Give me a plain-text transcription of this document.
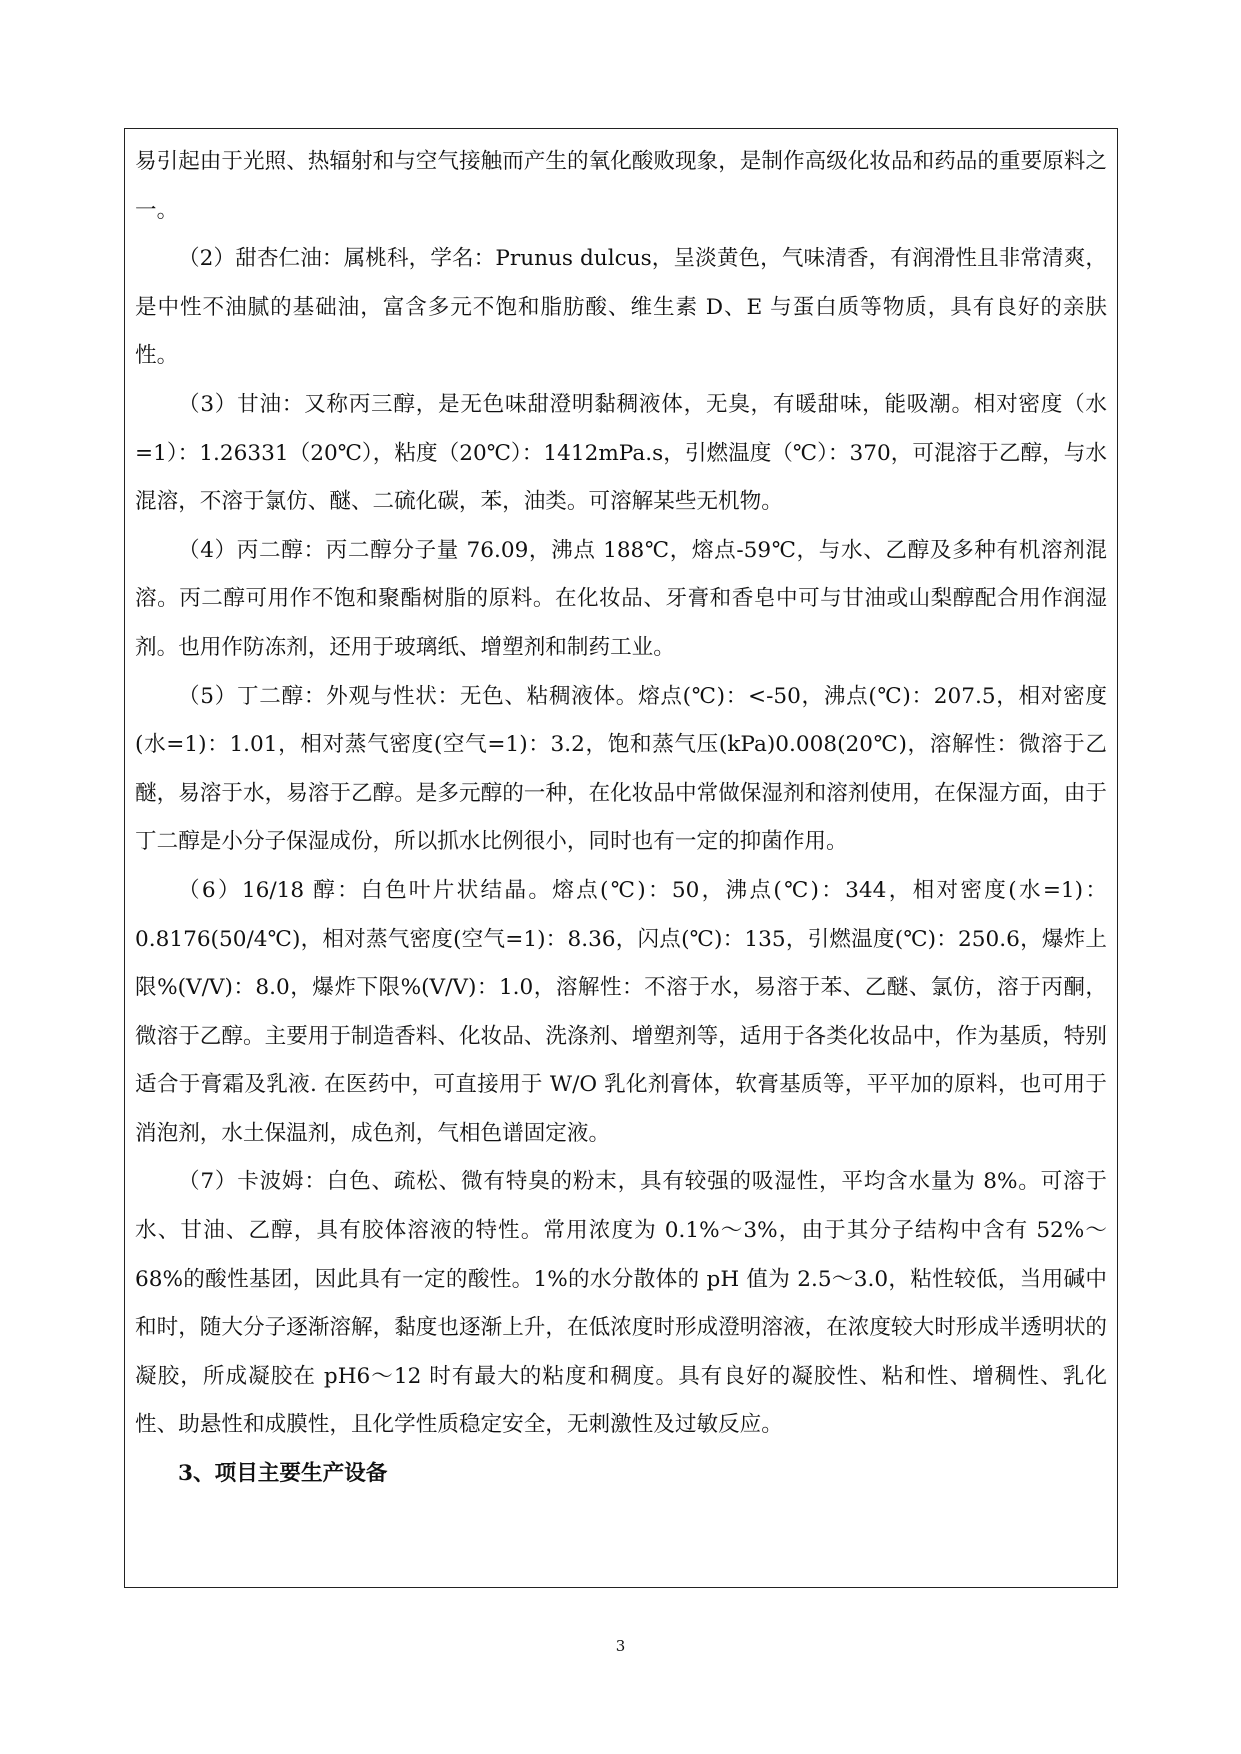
易引起由于光照、热辐射和与空气接触而产生的氧化酸败现象，是制作高级化妆品和药品的重要原料之一。

（2）甜杏仁油：属桃科，学名：Prunus dulcus，呈淡黄色，气味清香，有润滑性且非常清爽，是中性不油腻的基础油，富含多元不饱和脂肪酸、维生素 D、E 与蛋白质等物质，具有良好的亲肤性。

（3）甘油：又称丙三醇，是无色味甜澄明黏稠液体，无臭，有暖甜味，能吸潮。相对密度（水=1）：1.26331（20℃），粘度（20℃）：1412mPa.s，引燃温度（℃）：370，可混溶于乙醇，与水混溶，不溶于氯仿、醚、二硫化碳，苯，油类。可溶解某些无机物。

（4）丙二醇：丙二醇分子量 76.09，沸点 188℃，熔点-59℃，与水、乙醇及多种有机溶剂混溶。丙二醇可用作不饱和聚酯树脂的原料。在化妆品、牙膏和香皂中可与甘油或山梨醇配合用作润湿剂。也用作防冻剂，还用于玻璃纸、增塑剂和制药工业。

（5）丁二醇：外观与性状：无色、粘稠液体。熔点(℃)：<-50，沸点(℃)：207.5，相对密度(水=1)：1.01，相对蒸气密度(空气=1)：3.2，饱和蒸气压(kPa)0.008(20℃)，溶解性：微溶于乙醚，易溶于水，易溶于乙醇。是多元醇的一种，在化妆品中常做保湿剂和溶剂使用，在保湿方面，由于丁二醇是小分子保湿成份，所以抓水比例很小，同时也有一定的抑菌作用。

（6）16/18 醇：白色叶片状结晶。熔点(℃)：50，沸点(℃)：344，相对密度(水=1)：0.8176(50/4℃)，相对蒸气密度(空气=1)：8.36，闪点(℃)：135，引燃温度(℃)：250.6，爆炸上限%(V/V)：8.0，爆炸下限%(V/V)：1.0，溶解性：不溶于水，易溶于苯、乙醚、氯仿，溶于丙酮，微溶于乙醇。主要用于制造香料、化妆品、洗涤剂、增塑剂等，适用于各类化妆品中，作为基质，特别适合于膏霜及乳液. 在医药中，可直接用于 W/O 乳化剂膏体，软膏基质等，平平加的原料，也可用于消泡剂，水土保温剂，成色剂，气相色谱固定液。

（7）卡波姆：白色、疏松、微有特臭的粉末，具有较强的吸湿性，平均含水量为 8%。可溶于水、甘油、乙醇，具有胶体溶液的特性。常用浓度为 0.1%～3%，由于其分子结构中含有 52%～68%的酸性基团，因此具有一定的酸性。1%的水分散体的 pH 值为 2.5～3.0，粘性较低，当用碱中和时，随大分子逐渐溶解，黏度也逐渐上升，在低浓度时形成澄明溶液，在浓度较大时形成半透明状的凝胶，所成凝胶在 pH6～12 时有最大的粘度和稠度。具有良好的凝胶性、粘和性、增稠性、乳化性、助悬性和成膜性，且化学性质稳定安全，无刺激性及过敏反应。

3、项目主要生产设备

3
